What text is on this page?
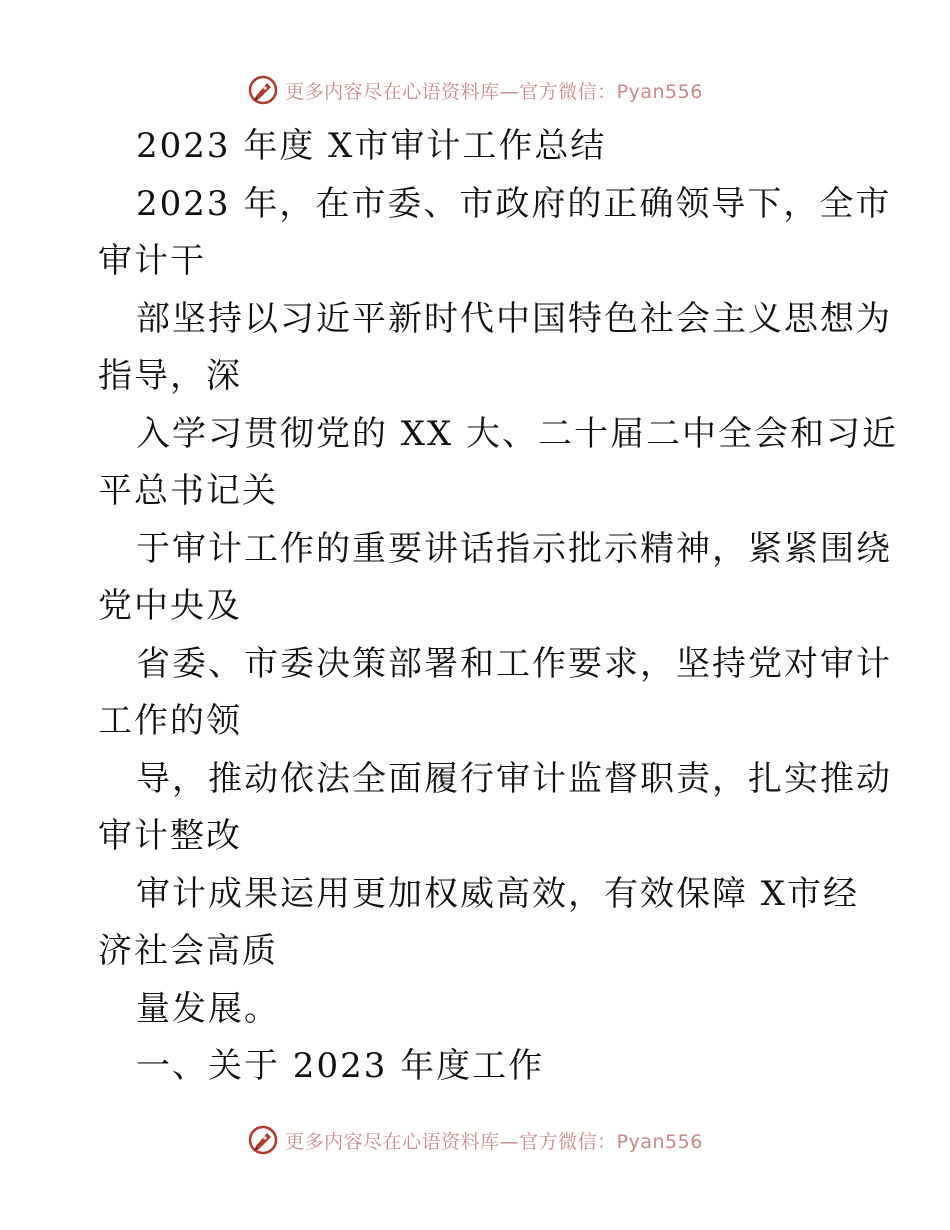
更多内容尽在心语资料库—官方微信：Pyan556
2023 年度 X市审计工作总结
2023 年，在市委、市政府的正确领导下，全市
审计干
部坚持以习近平新时代中国特色社会主义思想为
指导，深
入学习贯彻党的 XX 大、二十届二中全会和习近
平总书记关
于审计工作的重要讲话指示批示精神，紧紧围绕
党中央及
省委、市委决策部署和工作要求，坚持党对审计
工作的领
导，推动依法全面履行审计监督职责，扎实推动
审计整改
审计成果运用更加权威高效，有效保障 X市经
济社会高质
量发展。
一、关于 2023 年度工作
更多内容尽在心语资料库—官方微信：Pyan556
